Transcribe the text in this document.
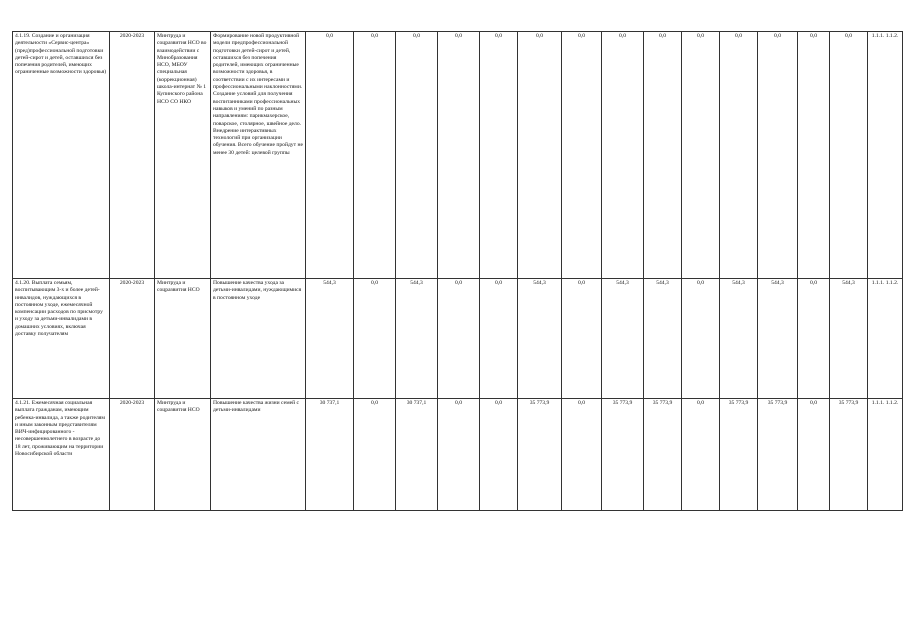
4.1.19. Создание и организация деятельности «Сервис-центра» (пред)профессиональной подготовки детей-сирот и детей, оставшихся без попечения родителей, имеющих ограниченные возможности здоровья)	2020-2023	Минтруда и соцразвития НСО во взаимодействии с Минобразования НСО, МБОУ специальная (коррекционная) школа-интернат № 1 Купинского района НСО СО НКО	Формирование новой продуктивной модели предпрофессиональной подготовки детей-сирот и детей, оставшихся без попечения родителей, имеющих ограниченные возможности здоровья, в соответствии с их интересами и профессиональными наклонностями. Создание условий для получения воспитанниками профессиональных навыков и умений по разным направлениям: парикмахерское, поварское, столярное, швейное дело. Внедрение интерактивных технологий при организации обучения. Всего обучение пройдут не менее 30 детей: целевой группы	0,0	0,0	0,0	0,0	0,0	0,0	0,0	0,0	0,0	0,0	0,0	0,0	0,0	0,0	1.1.1. 1.1.2.
4.1.20. Выплата семьям, воспитывающим 3-х и более детей-инвалидов, нуждающихся в постоянном уходе, ежемесячной компенсации расходов по присмотру и уходу за детьми-инвалидами в домашних условиях, включая доставку получателям	2020-2023	Минтруда и соцразвития НСО	Повышение качества ухода за детьми-инвалидами, нуждающимися в постоянном уходе	544,3	0,0	544,3	0,0	0,0	544,3	0,0	544,3	544,3	0,0	544,3	544,3	0,0	544,3	1.1.1. 1.1.2.
4.1.21. Ежемесячная социальная выплата гражданам, имеющим ребенка-инвалида, а также родителям и иным законным представителям ВИЧ-инфицированного - несовершеннолетнего в возрасте до 18 лет, проживающим на территории Новосибирской области	2020-2023	Минтруда и соцразвития НСО	Повышение качества жизни семей с детьми-инвалидами	30 737,1	0,0	30 737,1	0,0	0,0	35 773,9	0,0	35 773,9	35 773,9	0,0	35 773,9	35 773,9	0,0	35 773,9	1.1.1. 1.1.2.
